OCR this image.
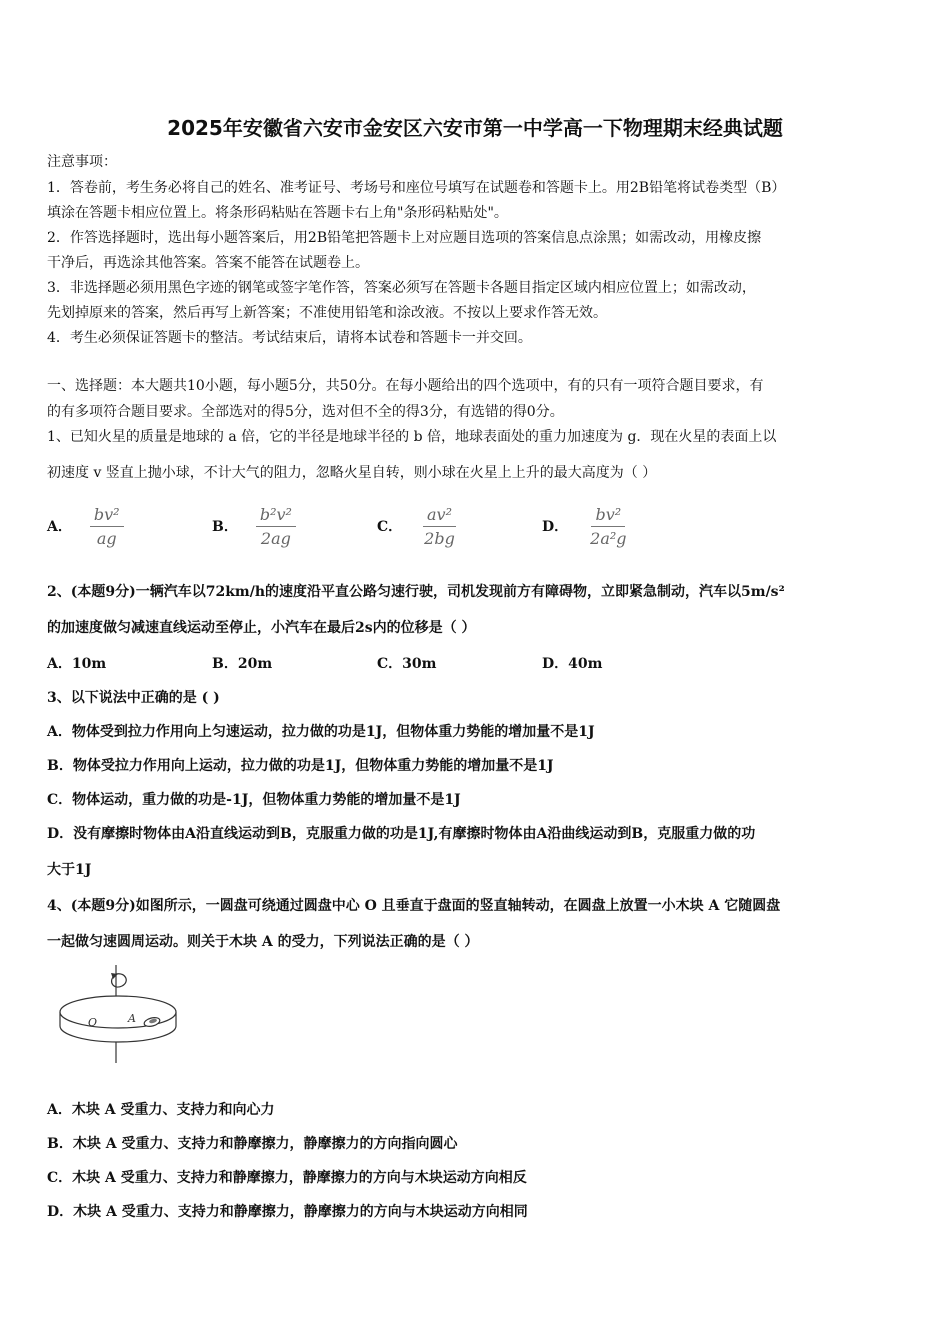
2025年安徽省六安市金安区六安市第一中学高一下物理期末经典试题
注意事项：
1．答卷前，考生务必将自己的姓名、准考证号、考场号和座位号填写在试题卷和答题卡上。用2B铅笔将试卷类型（B）
填涂在答题卡相应位置上。将条形码粘贴在答题卡右上角"条形码粘贴处"。
2．作答选择题时，选出每小题答案后，用2B铅笔把答题卡上对应题目选项的答案信息点涂黑；如需改动，用橡皮擦
干净后，再选涂其他答案。答案不能答在试题卷上。
3．非选择题必须用黑色字迹的钢笔或签字笔作答，答案必须写在答题卡各题目指定区域内相应位置上；如需改动，
先划掉原来的答案，然后再写上新答案；不准使用铅笔和涂改液。不按以上要求作答无效。
4．考生必须保证答题卡的整洁。考试结束后，请将本试卷和答题卡一并交回。
一、选择题：本大题共10小题，每小题5分，共50分。在每小题给出的四个选项中，有的只有一项符合题目要求，有
的有多项符合题目要求。全部选对的得5分，选对但不全的得3分，有选错的得0分。
1、已知火星的质量是地球的 a 倍，它的半径是地球半径的 b 倍，地球表面处的重力加速度为 g．现在火星的表面上以
初速度 v 竖直上抛小球，不计大气的阻力，忽略火星自转，则小球在火星上上升的最大高度为（ ）
A． $\frac{\text{bv²}}{ag}$	B． $\frac{\text{b²v²}}{2ag}$	C． $\frac{\text{av²}}{2bg}$	D． $\frac{\text{bv²}}{\text{2a²g}}$
2、(本题9分)一辆汽车以72km/h的速度沿平直公路匀速行驶，司机发现前方有障碍物，立即紧急制动，汽车以5m/s²
的加速度做匀减速直线运动至停止，小汽车在最后2s内的位移是（ ）
A．10m	B．20m	C．30m	D．40m
3、以下说法中正确的是 ( )
A．物体受到拉力作用向上匀速运动，拉力做的功是1J，但物体重力势能的增加量不是1J
B．物体受拉力作用向上运动，拉力做的功是1J，但物体重力势能的增加量不是1J
C．物体运动，重力做的功是-1J，但物体重力势能的增加量不是1J
D．没有摩擦时物体由A沿直线运动到B，克服重力做的功是1J,有摩擦时物体由A沿曲线运动到B，克服重力做的功
大于1J
4、(本题9分)如图所示，一圆盘可绕通过圆盘中心 O 且垂直于盘面的竖直轴转动，在圆盘上放置一小木块 A 它随圆盘
一起做匀速圆周运动。则关于木块 A 的受力，下列说法正确的是（ ）
O	A
A．木块 A 受重力、支持力和向心力
B．木块 A 受重力、支持力和静摩擦力，静摩擦力的方向指向圆心
C．木块 A 受重力、支持力和静摩擦力，静摩擦力的方向与木块运动方向相反
D．木块 A 受重力、支持力和静摩擦力，静摩擦力的方向与木块运动方向相同
